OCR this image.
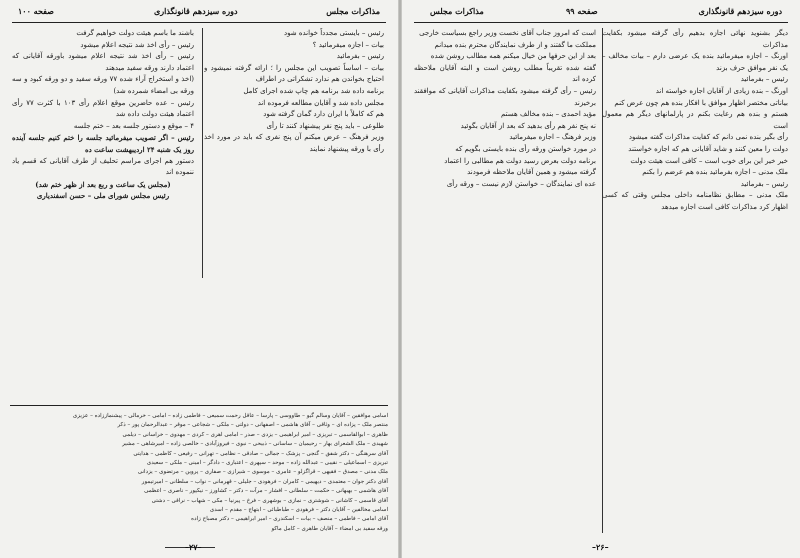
مذاکرات مجلس
دوره سیزدهم قانونگذاری
صفحه ۱۰۰

رئیس – بایستی مجدداً خوانده شود

بیات – اجازه میفرمائید ؟

رئیس – بفرمائید

بیات – اساساً تصویب این مجلس را ؛ ارائه گرفته نمیشود و احتیاج بخواندن هم ندارد تشکراتی در اطراف

برنامه داده شد برنامه هم چاپ شده اجرای کامل

مجلس داده شد و آقایان مطالعه فرموده اند

هم که کاملاً با ایران دارد گمان گرفته شود

طلوعی – باید پنج نفر پیشنهاد کنند تا رأی

وزیر فرهنگ – عرض میکنم آن پنج نفری که باید در مورد اخذ رأی با ورقه پیشنهاد نمایند

باشند ما باسم هیئت دولت خواهیم گرفت

رئیس – رأی اخذ شد نتیجه اعلام میشود

رئیس – رأی اخذ شد نتیجه اعلام میشود باورقه آقایانی که اعتماد دارند ورقه سفید میدهند

(اخذ و استخراج آراء شده ۷۷ ورقه سفید و دو ورقه کبود و سه ورقه بی امضاء شمرده شد)

رئیس – عده حاضرین موقع اعلام رأی ۱۰۳ با کثرت ۷۷ رأی اعتماد هیئت دولت داده شد

۴ – موقع و دستور جلسه بعد – ختم جلسه

رئیس – اگر تصویب میفرمائید جلسه را ختم کنیم جلسه آینده روز یک شنبه ۲۴ اردیبهشت ساعت ده

دستور هم اجرای مراسم تحلیف از طرف آقایانی که قسم یاد ننموده اند

(مجلس یک ساعت و ربع بعد از ظهر ختم شد)

رئیس مجلس شورای ملی – حسن اسفندیاری

اسامی موافقین – آقایان وسالم گیو – طاووسی – پارسا – عاقل رحمت سمیعی – فاطمی زاده – امامی – خرمالی – پیشنماززاده – عزیزی

منتصر ملک – پزاده ای – وثاقی – آقای هاشمی – اصفهانی – دولتی – ملکی – شجاعی – موقر – عبدالرحمان پور – ذکر

ظاهری – ابوالقاسمی – تبریزی – امیر ابراهیمی – یزدی – صدر – امامی اهری – کردی – مهدوی – خراسانی – دیلمی

شهیدی – ملک الشعرای بهار – رحیمیان – ساسانی – ذبیحی – نبوی – فیروزآبادی – خالصی زاده – امیرشاهی – مشیر

آقای سرهنگی – دکتر شفق – گنجی – پزشک – جمالی – صادقی – نظامی – تهرانی – رفیعی – کاظمی – هدایتی

تبریزی – اسماعیلی – نقیبی – عبدالله زاده – موحد – سپهری – اعتباری – دادگر – امینی – ملکی – سعیدی

ملک مدنی – مصدق – فقیهی – قراگزلو – عامری – موسوی – شیرازی – صفاری – پروین – مرتضوی – یزدانی

آقای دکتر جوان – معتمدی – دیهیمی – کامران – فرهودی – جلیلی – قهرمانی – نواب – سلطانی – امیرتیمور

آقای هاشمی – بهبهانی – حکمت – سلطانی – افشار – مرآت – دکتر – کشاورز – نیکپور – ناصری – اعظمی

آقای قاسمی – کاشانی – شوشتری – نمازی – بوشهری – فرخ – پیرنیا – مکی – شهاب – نراقی – دشتی

اسامی مخالفین – آقایان دکتر – فرهودی – طباطبائی – ابتهاج – مقدم – اسدی

آقای امامی – فاطمی – منصف – بیات – اسکندری – امیر ابراهیمی – دکتر مصباح زاده

ورقه سفید بی امضاء – آقایان طاهری – کامل ماکو

–۲۷–
دوره سیزدهم قانونگذاری
صفحه ۹۹
مذاکرات مجلس

دیگر بشنوید نهائی اجازه بدهیم رأی گرفته میشود بکفایت مذاکرات

اورنگ – اجازه میفرمائید بنده یک عرضی دارم – بیات مخالف – یک نفر موافق حرف بزند

رئیس – بفرمائید

اورنگ – بنده زیادی از آقایان اجازه خواسته اند

بیاناتی مختصر اظهار موافق با افکار بنده هم چون عرض کنم

هستم و بنده هم رعایت بکنم در پارلمانهای دیگر هم معمول است

رأی بگیر بنده نمی دانم که کفایت مذاکرات گفته میشود

دولت را معین کنند و شاید آقایانی هم که اجازه خواستند

خیر خیر این برای خوب است – کافی است هیئت دولت

ملک مدنی – اجازه بفرمائید بنده هم عرضم را بکنم

رئیس – بفرمائید

ملک مدنی – مطابق نظامنامه داخلی مجلس وقتی که کسی اظهار کرد مذاکرات کافی است اجازه میدهد

است که امروز جناب آقای نخست وزیر راجع بسیاست خارجی

مملکت ما گفتند و از طرف نمایندگان محترم بنده میدانم

بعد از این حرفها من خیال میکنم همه مطالب روشن شده

گفته شده تقریباً مطلب روشن است و البته آقایان ملاحظه کرده اند

رئیس – رأی گرفته میشود بکفایت مذاکرات آقایانی که موافقند برخیزند

مؤید احمدی – بنده مخالف هستم

نه پنج نفر هم رأی بدهید که بعد از آقایان بگوئید

وزیر فرهنگ – اجازه میفرمائید

در مورد خواستن ورقه رأی بنده بایستی بگویم که

برنامه دولت بعرض رسید دولت هم مطالبی را اعتماد

گرفته میشود و همین آقایان ملاحظه فرمودند

عده ای نمایندگان – خواستن لازم نیست – ورقه رأی

–۲۶–
